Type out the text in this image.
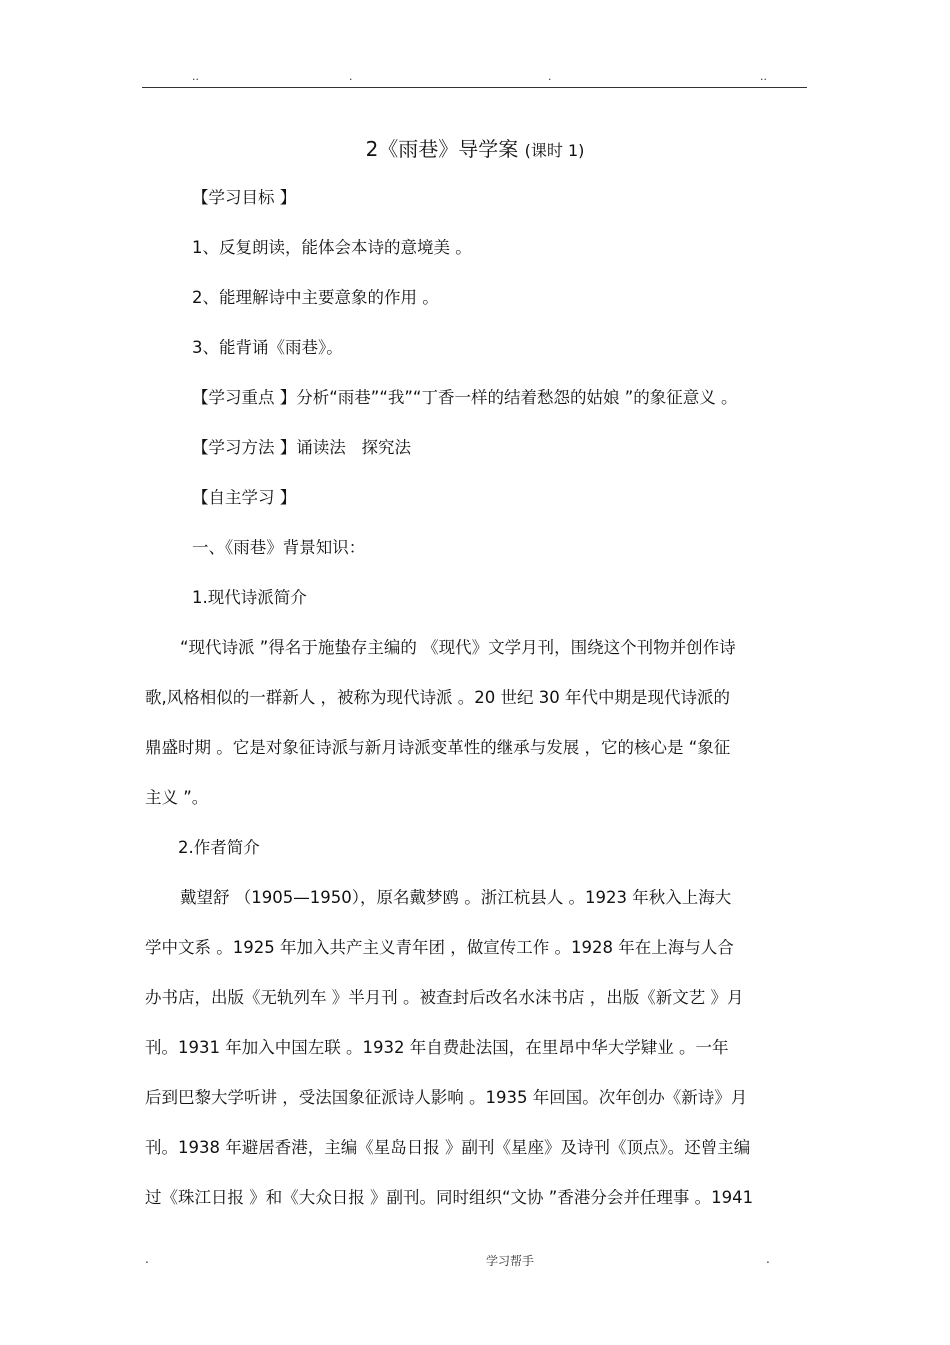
..	.	.	..
2《雨巷》导学案 (课时 1)
【学习目标 】
1、反复朗读，能体会本诗的意境美 。
2、能理解诗中主要意象的作用 。
3、能背诵《雨巷》。
【学习重点 】分析“雨巷”“我”“丁香一样的结着愁怨的姑娘 ”的象征意义 。
【学习方法 】诵读法   探究法
【自主学习 】
一、《雨巷》背景知识：
1.现代诗派简介
“现代诗派 ”得名于施蛰存主编的 《现代》文学月刊，围绕这个刊物并创作诗
歌,风格相似的一群新人 ，被称为现代诗派 。20 世纪 30 年代中期是现代诗派的
鼎盛时期 。它是对象征诗派与新月诗派变革性的继承与发展 ，它的核心是 “象征
主义 ”。
2.作者简介
戴望舒 （1905—1950），原名戴梦鸥 。浙江杭县人 。1923 年秋入上海大
学中文系 。1925 年加入共产主义青年团 ，做宣传工作 。1928 年在上海与人合
办书店，出版《无轨列车 》半月刊 。被查封后改名水沫书店 ，出版《新文艺 》月
刊。1931 年加入中国左联 。1932 年自费赴法国，在里昂中华大学肄业 。一年
后到巴黎大学听讲 ，受法国象征派诗人影响 。1935 年回国。次年创办《新诗》月
刊。1938 年避居香港，主编《星岛日报 》副刊《星座》及诗刊《顶点》。还曾主编
过《珠江日报 》和《大众日报 》副刊。同时组织“文协 ”香港分会并任理事 。1941
.	学习帮手	.
